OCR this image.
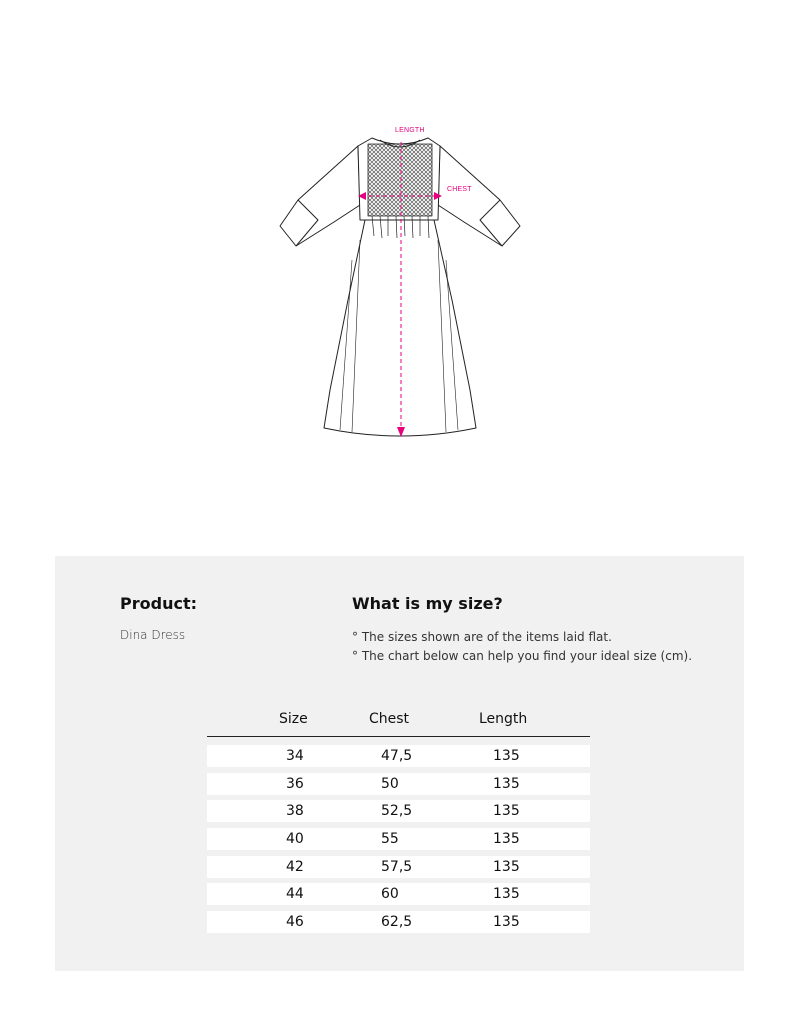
LENGTH
CHEST
Product:
Dina Dress
What is my size?
° The sizes shown are of the items laid flat.
° The chart below can help you find your ideal size (cm).
Size	Chest	Length
34	47,5	135
36	50	135
38	52,5	135
40	55	135
42	57,5	135
44	60	135
46	62,5	135
